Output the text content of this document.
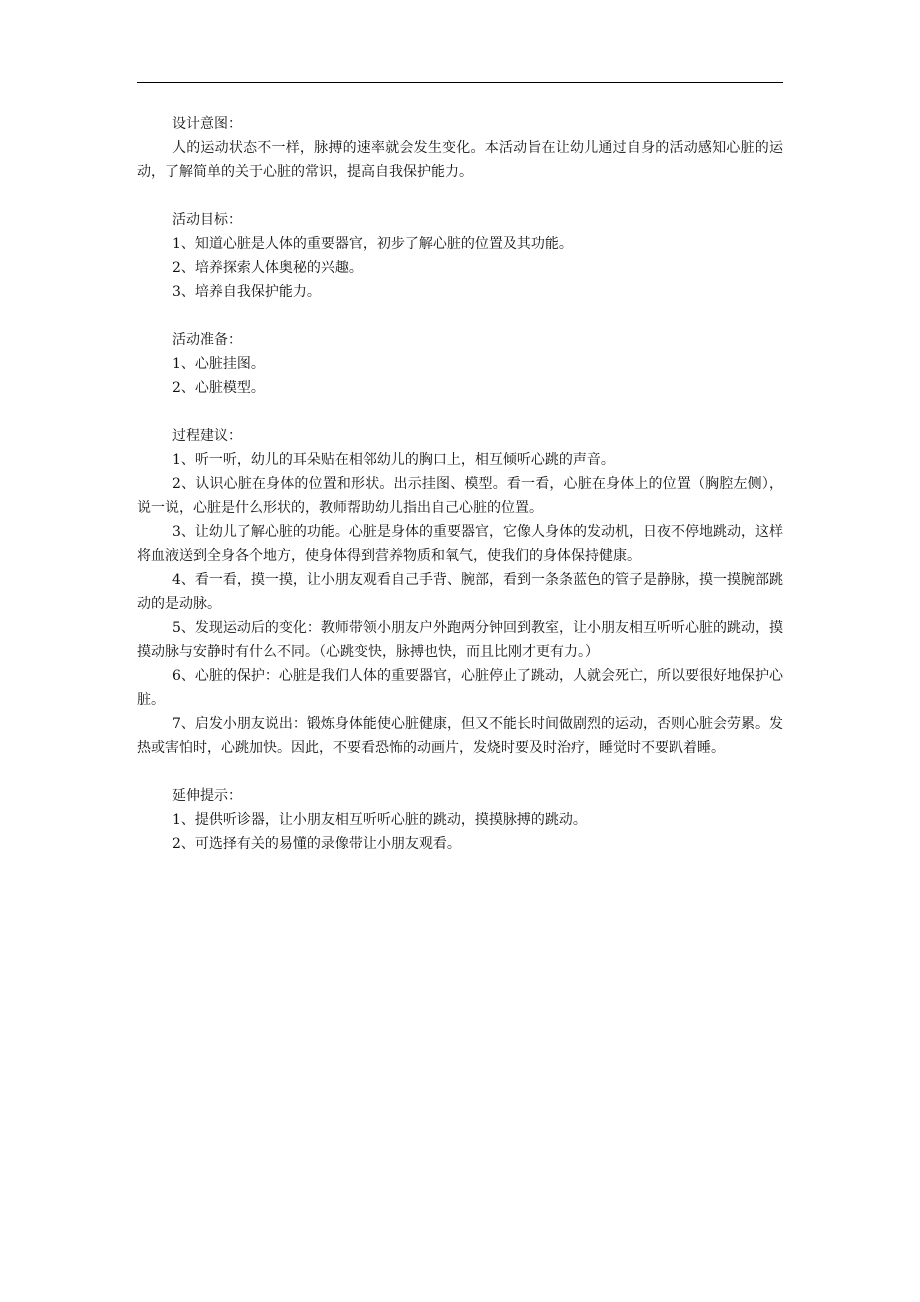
设计意图：

人的运动状态不一样，脉搏的速率就会发生变化。本活动旨在让幼儿通过自身的活动感知心脏的运动，了解简单的关于心脏的常识，提高自我保护能力。

活动目标：

1、知道心脏是人体的重要器官，初步了解心脏的位置及其功能。

2、培养探索人体奥秘的兴趣。

3、培养自我保护能力。

活动准备：

1、心脏挂图。

2、心脏模型。

过程建议：

1、听一听，幼儿的耳朵贴在相邻幼儿的胸口上，相互倾听心跳的声音。

2、认识心脏在身体的位置和形状。出示挂图、模型。看一看，心脏在身体上的位置（胸腔左侧），说一说，心脏是什么形状的，教师帮助幼儿指出自己心脏的位置。

3、让幼儿了解心脏的功能。心脏是身体的重要器官，它像人身体的发动机，日夜不停地跳动，这样将血液送到全身各个地方，使身体得到营养物质和氧气，使我们的身体保持健康。

4、看一看，摸一摸，让小朋友观看自己手背、腕部，看到一条条蓝色的管子是静脉，摸一摸腕部跳动的是动脉。

5、发现运动后的变化：教师带领小朋友户外跑两分钟回到教室，让小朋友相互听听心脏的跳动，摸摸动脉与安静时有什么不同。（心跳变快，脉搏也快，而且比刚才更有力。）

6、心脏的保护：心脏是我们人体的重要器官，心脏停止了跳动，人就会死亡，所以要很好地保护心脏。

7、启发小朋友说出：锻炼身体能使心脏健康，但又不能长时间做剧烈的运动，否则心脏会劳累。发热或害怕时，心跳加快。因此，不要看恐怖的动画片，发烧时要及时治疗，睡觉时不要趴着睡。

延伸提示：

1、提供听诊器，让小朋友相互听听心脏的跳动，摸摸脉搏的跳动。

2、可选择有关的易懂的录像带让小朋友观看。
